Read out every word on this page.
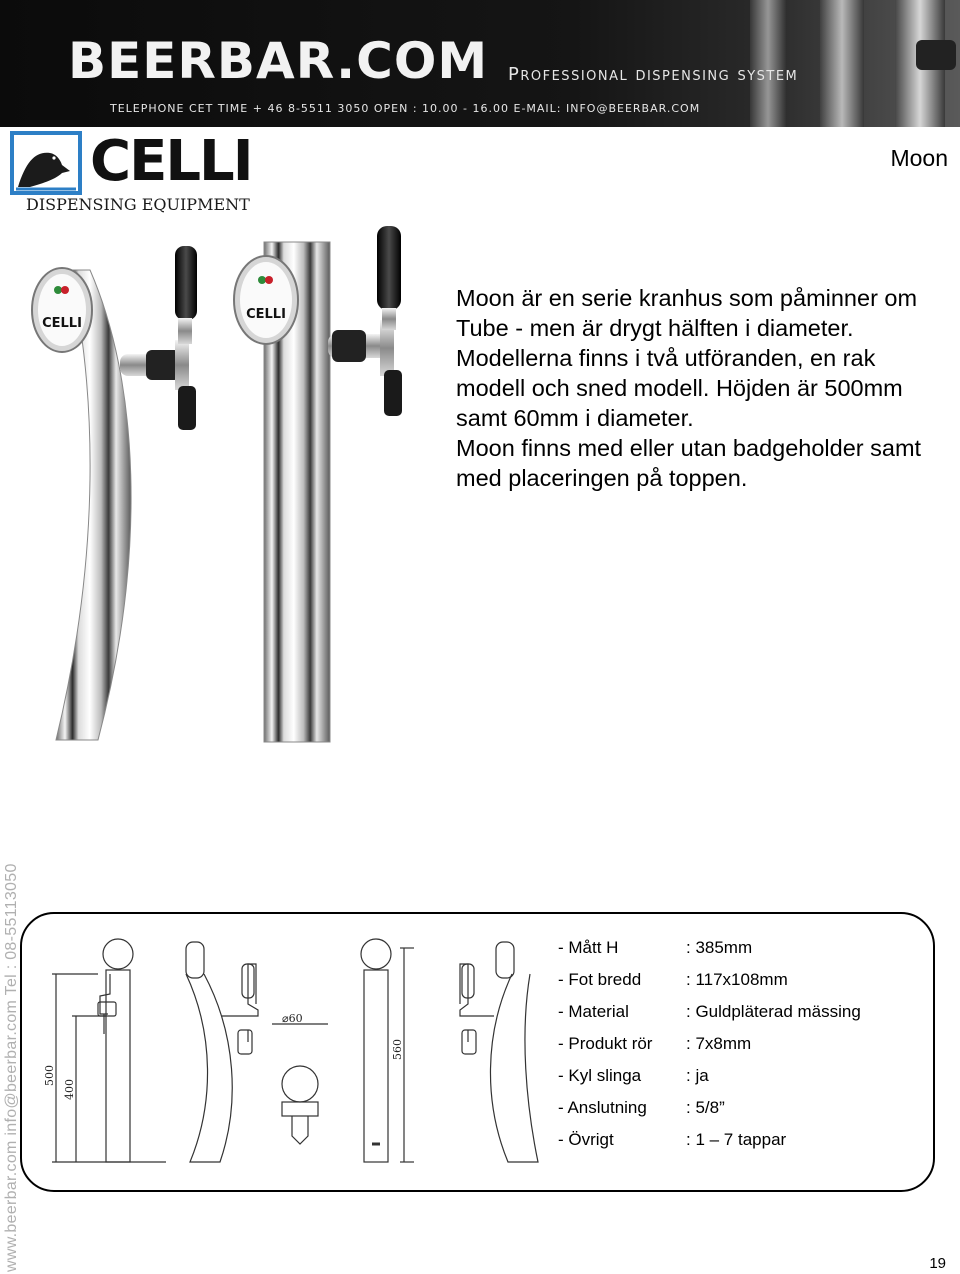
BEERBAR.COM Professional dispensing system
TELEPHONE CET TIME + 46 8-5511 3050 OPEN : 10.00 - 16.00 E-MAIL: INFO@BEERBAR.COM
CELLI
DISPENSING EQUIPMENT
Moon
CELLI
CELLI

Moon är en serie kranhus som påminner om Tube - men är drygt hälften i diameter. Modellerna finns i två utföranden, en rak modell och sned modell. Höjden är 500mm samt 60mm i diameter.

Moon finns med eller utan badgeholder samt med placeringen på toppen.

www.beerbar.com info@beerbar.com Tel : 08-55113050 500
400
⌀60
560
- Mått H	: 385mm
- Fot bredd	: 117x108mm
- Material	: Guldpläterad mässing
- Produkt rör : 7x8mm
- Kyl slinga	: ja
- Anslutning : 5/8”
- Övrigt	: 1 – 7 tappar
19
